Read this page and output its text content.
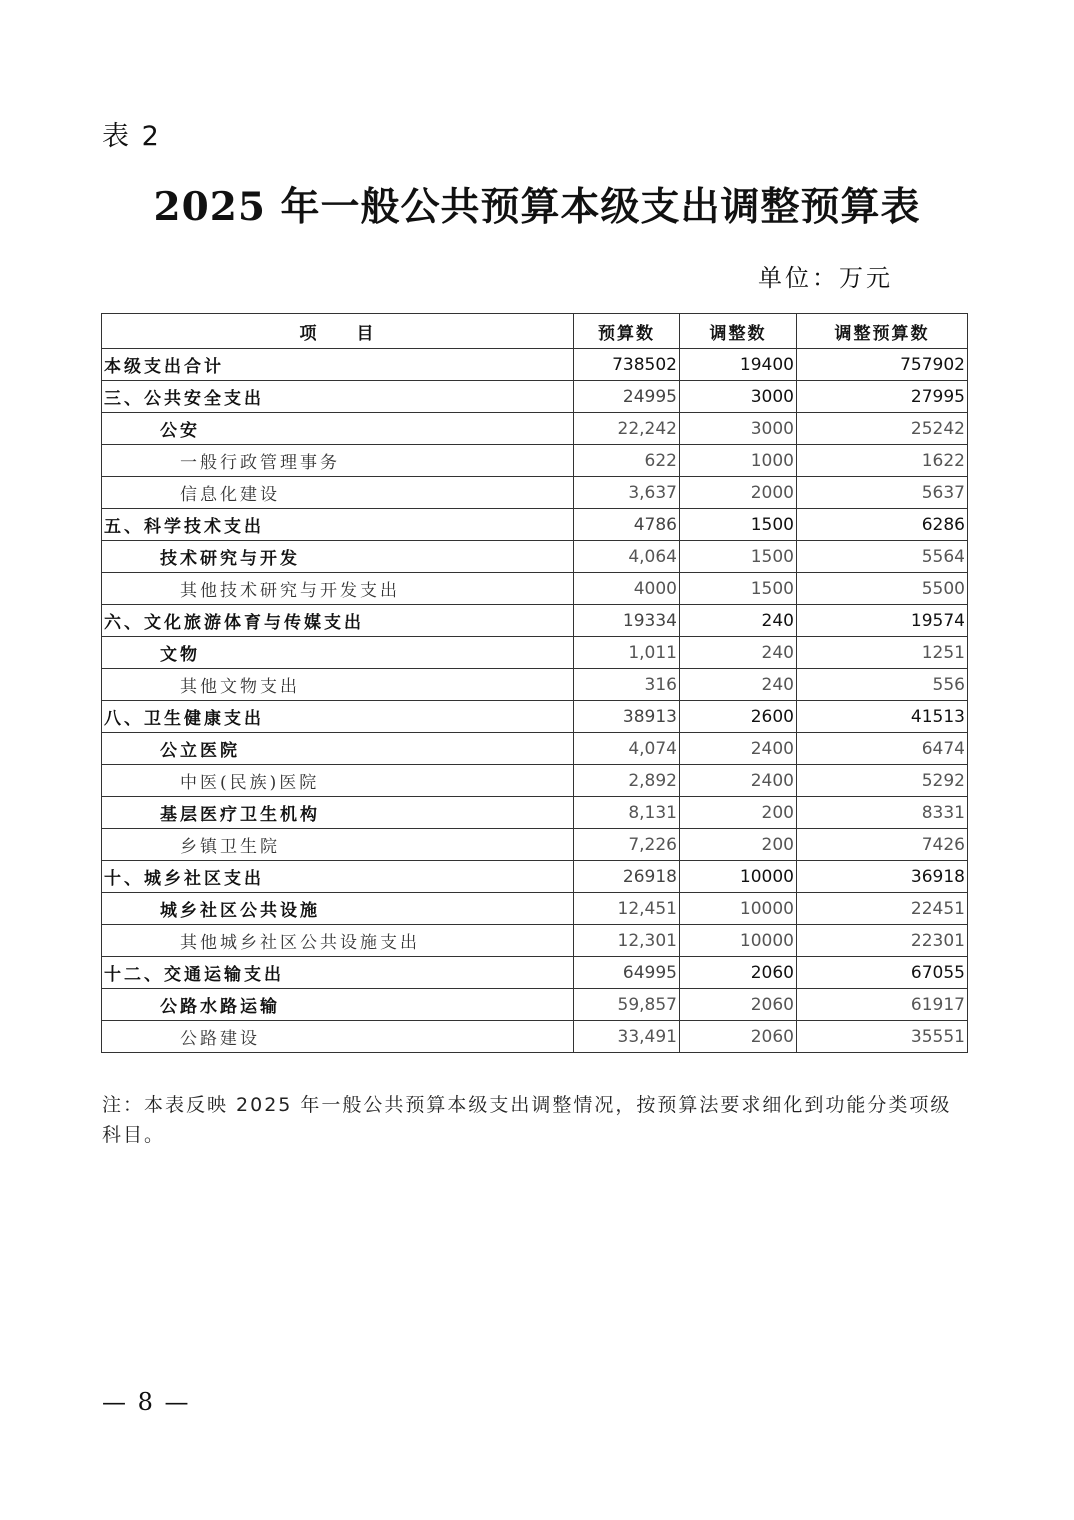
表 2
2025 年一般公共预算本级支出调整预算表
单位：万元
项　　目	预算数	调整数	调整预算数
本级支出合计	738502	19400	757902
三、公共安全支出	24995	3000	27995
公安	22,242	3000	25242
一般行政管理事务	622	1000	1622
信息化建设	3,637	2000	5637
五、科学技术支出	4786	1500	6286
技术研究与开发	4,064	1500	5564
其他技术研究与开发支出	4000	1500	5500
六、文化旅游体育与传媒支出	19334	240	19574
文物	1,011	240	1251
其他文物支出	316	240	556
八、卫生健康支出	38913	2600	41513
公立医院	4,074	2400	6474
中医(民族)医院	2,892	2400	5292
基层医疗卫生机构	8,131	200	8331
乡镇卫生院	7,226	200	7426
十、城乡社区支出	26918	10000	36918
城乡社区公共设施	12,451	10000	22451
其他城乡社区公共设施支出	12,301	10000	22301
十二、交通运输支出	64995	2060	67055
公路水路运输	59,857	2060	61917
公路建设	33,491	2060	35551
注：本表反映 2025 年一般公共预算本级支出调整情况，按预算法要求细化到功能分类项级科目。
— 8 —
